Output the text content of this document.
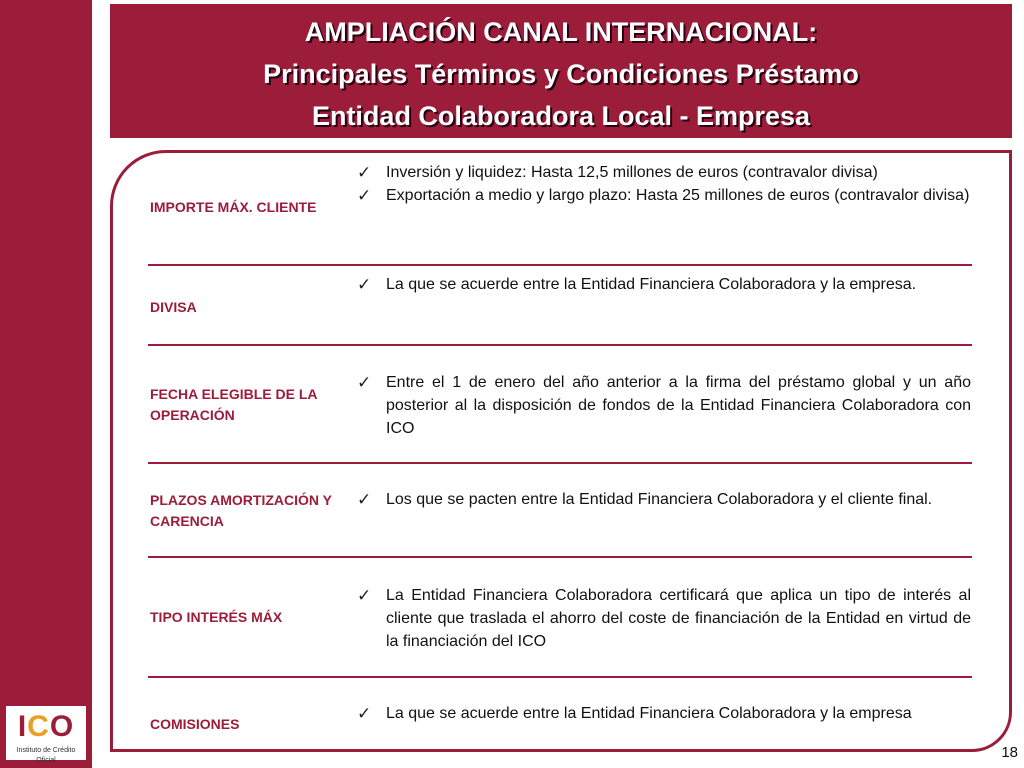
ICO
Instituto de Crédito Oficial
AMPLIACIÓN CANAL INTERNACIONAL:
Principales Términos y Condiciones Préstamo
Entidad Colaboradora Local - Empresa
IMPORTE MÁX. CLIENTE
✓ Inversión y liquidez: Hasta 12,5 millones de euros (contravalor divisa)
✓ Exportación a medio y largo plazo: Hasta 25 millones de euros (contravalor divisa)
DIVISA
✓ La que se acuerde entre la Entidad Financiera Colaboradora y la empresa.
FECHA ELEGIBLE DE LA OPERACIÓN
✓ Entre el 1 de enero del año anterior a la firma del préstamo global y un año posterior al la disposición de fondos de la Entidad Financiera Colaboradora con ICO
PLAZOS AMORTIZACIÓN Y CARENCIA
✓ Los que se pacten entre la Entidad Financiera Colaboradora y el cliente final.
TIPO INTERÉS MÁX
✓ La Entidad Financiera Colaboradora certificará que aplica un tipo de interés al cliente que traslada el ahorro del coste de financiación de la Entidad en virtud de la financiación del ICO
COMISIONES
✓ La que se acuerde entre la Entidad Financiera Colaboradora y la empresa
18
